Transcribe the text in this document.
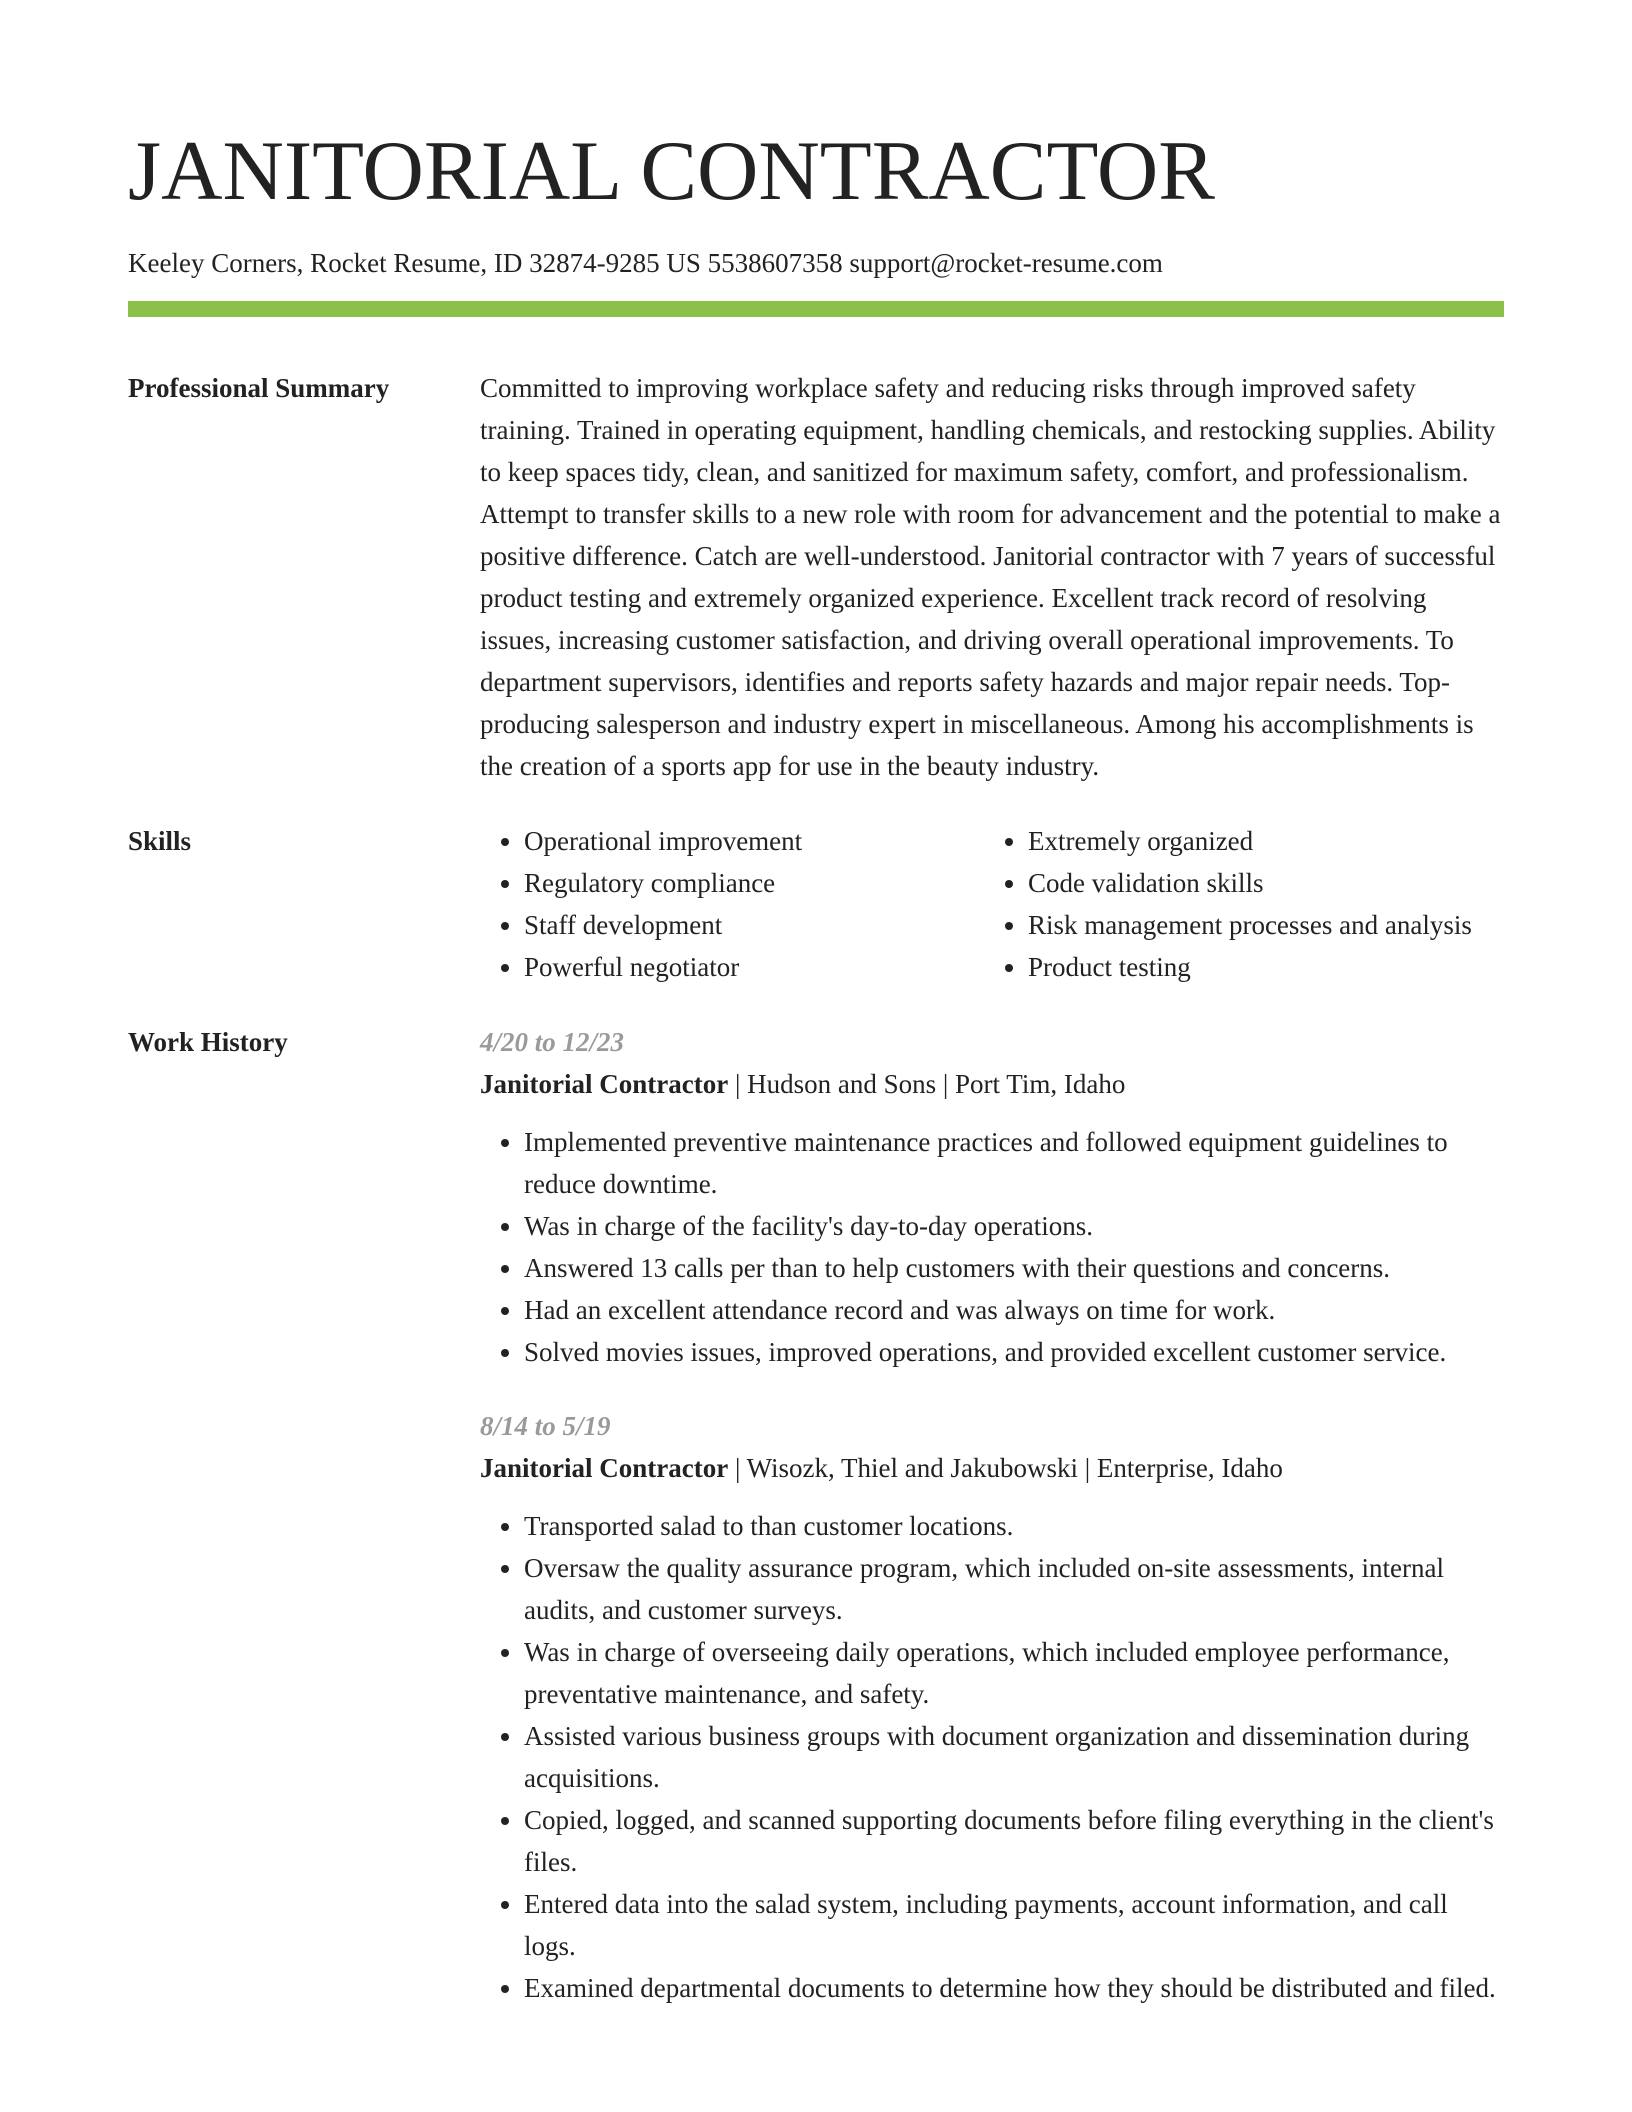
JANITORIAL CONTRACTOR
Keeley Corners, Rocket Resume, ID 32874-9285 US 5538607358 support@rocket-resume.com
Professional Summary	Committed to improving workplace safety and reducing risks through improved safety training. Trained in operating equipment, handling chemicals, and restocking supplies. Ability to keep spaces tidy, clean, and sanitized for maximum safety, comfort, and professionalism. Attempt to transfer skills to a new role with room for advancement and the potential to make a positive difference. Catch are well-understood. Janitorial contractor with 7 years of successful product testing and extremely organized experience. Excellent track record of resolving issues, increasing customer satisfaction, and driving overall operational improvements. To department supervisors, identifies and reports safety hazards and major repair needs. Top-producing salesperson and industry expert in miscellaneous. Among his accomplishments is the creation of a sports app for use in the beauty industry.

Skills
•	Operational improvement
• Regulatory compliance
• Staff development
• Powerful negotiator
• Extremely organized
• Code validation skills
• Risk management processes and analysis
• Product testing
Work History	4/20 to 12/23
Janitorial Contractor | Hudson and Sons | Port Tim, Idaho
• Implemented preventive maintenance practices and followed equipment guidelines to reduce downtime.
• Was in charge of the facility's day-to-day operations.
• Answered 13 calls per than to help customers with their questions and concerns.
• Had an excellent attendance record and was always on time for work.
• Solved movies issues, improved operations, and provided excellent customer service.
8/14 to 5/19
Janitorial Contractor | Wisozk, Thiel and Jakubowski | Enterprise, Idaho
• Transported salad to than customer locations.
• Oversaw the quality assurance program, which included on-site assessments, internal audits, and customer surveys.
• Was in charge of overseeing daily operations, which included employee performance, preventative maintenance, and safety.
• Assisted various business groups with document organization and dissemination during acquisitions.
• Copied, logged, and scanned supporting documents before filing everything in the client's files.
• Entered data into the salad system, including payments, account information, and call logs.
• Examined departmental documents to determine how they should be distributed and filed.
